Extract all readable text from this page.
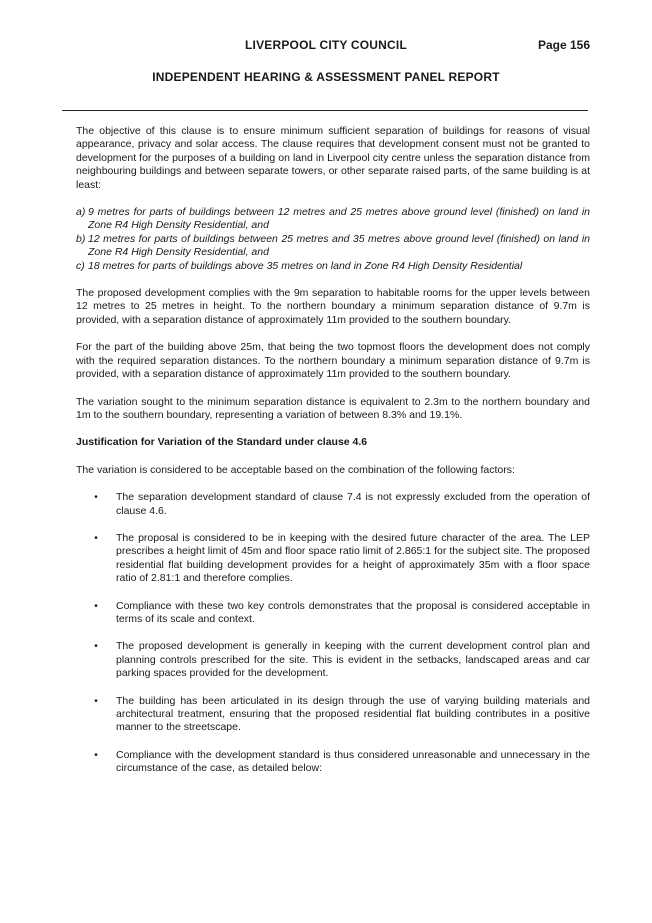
LIVERPOOL CITY COUNCIL	Page 156
INDEPENDENT HEARING & ASSESSMENT PANEL REPORT

The objective of this clause is to ensure minimum sufficient separation of buildings for reasons of visual appearance, privacy and solar access. The clause requires that development consent must not be granted to development for the purposes of a building on land in Liverpool city centre unless the separation distance from neighbouring buildings and between separate towers, or other separate raised parts, of the same building is at least:

a) 9 metres for parts of buildings between 12 metres and 25 metres above ground level (finished) on land in Zone R4 High Density Residential, and
b) 12 metres for parts of buildings between 25 metres and 35 metres above ground level (finished) on land in Zone R4 High Density Residential, and
c) 18 metres for parts of buildings above 35 metres on land in Zone R4 High Density Residential

The proposed development complies with the 9m separation to habitable rooms for the upper levels between 12 metres to 25 metres in height. To the northern boundary a minimum separation distance of 9.7m is provided, with a separation distance of approximately 11m provided to the southern boundary.

For the part of the building above 25m, that being the two topmost floors the development does not comply with the required separation distances. To the northern boundary a minimum separation distance of 9.7m is provided, with a separation distance of approximately 11m provided to the southern boundary.

The variation sought to the minimum separation distance is equivalent to 2.3m to the northern boundary and 1m to the southern boundary, representing a variation of between 8.3% and 19.1%.

Justification for Variation of the Standard under clause 4.6

The variation is considered to be acceptable based on the combination of the following factors:

•	The separation development standard of clause 7.4 is not expressly excluded from the operation of clause 4.6.
•	The proposal is considered to be in keeping with the desired future character of the area. The LEP prescribes a height limit of 45m and floor space ratio limit of 2.865:1 for the subject site. The proposed residential flat building development provides for a height of approximately 35m with a floor space ratio of 2.81:1 and therefore complies.
•	Compliance with these two key controls demonstrates that the proposal is considered acceptable in terms of its scale and context.
•	The proposed development is generally in keeping with the current development control plan and planning controls prescribed for the site. This is evident in the setbacks, landscaped areas and car parking spaces provided for the development.
•	The building has been articulated in its design through the use of varying building materials and architectural treatment, ensuring that the proposed residential flat building contributes in a positive manner to the streetscape.
•	Compliance with the development standard is thus considered unreasonable and unnecessary in the circumstance of the case, as detailed below:
